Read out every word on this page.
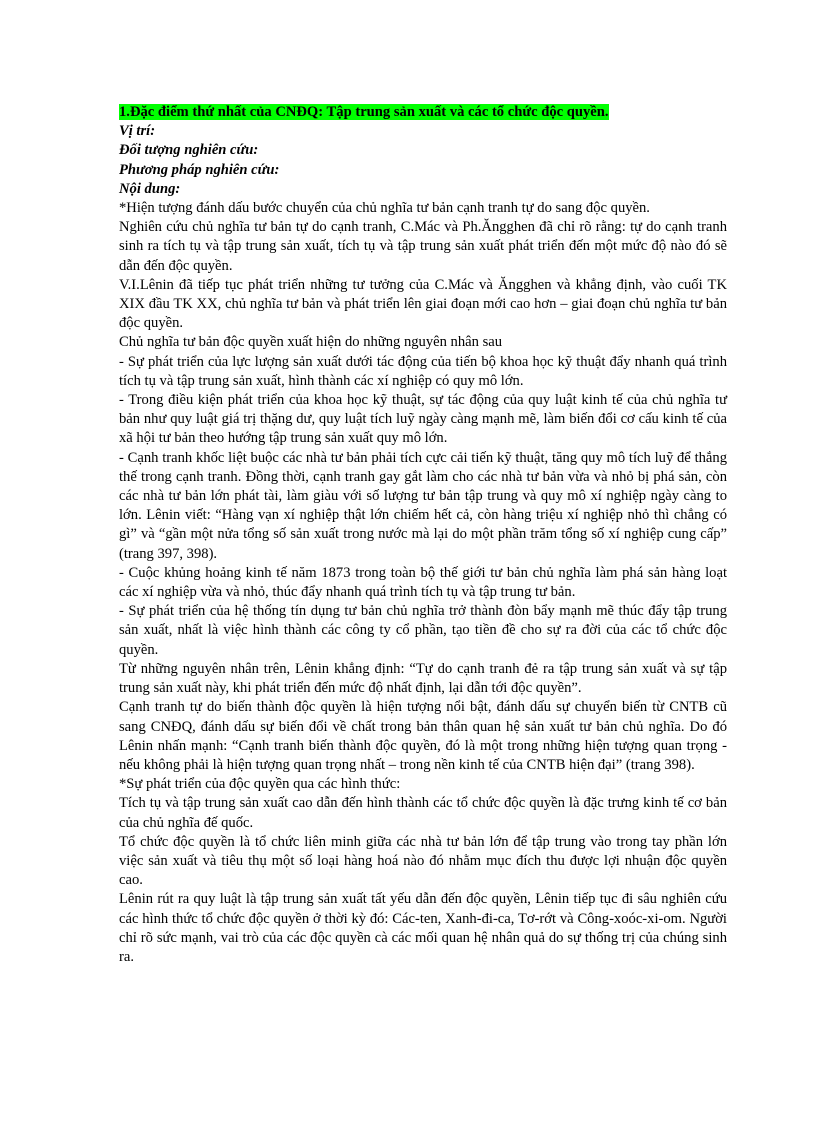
1.Đặc điểm thứ nhất của CNĐQ: Tập trung sản xuất và các tổ chức độc quyền.

Vị trí:

Đối tượng nghiên cứu:

Phương pháp nghiên cứu:

Nội dung:

*Hiện tượng đánh dấu bước chuyển của chủ nghĩa tư bản cạnh tranh tự do sang độc quyền.

Nghiên cứu chủ nghĩa tư bản tự do cạnh tranh, C.Mác và Ph.Ăngghen đã chỉ rõ rằng: tự do cạnh tranh sinh ra tích tụ và tập trung sản xuất, tích tụ và tập trung sản xuất phát triển đến một mức độ nào đó sẽ dẫn đến độc quyền.

V.I.Lênin đã tiếp tục phát triển những tư tưởng của C.Mác và Ăngghen và khẳng định, vào cuối TK XIX đầu TK XX, chủ nghĩa tư bản và phát triển lên giai đoạn mới cao hơn – giai đoạn chủ nghĩa tư bản độc quyền.

Chủ nghĩa tư bản độc quyền xuất hiện do những nguyên nhân sau

- Sự phát triển của lực lượng sản xuất dưới tác động của tiến bộ khoa học kỹ thuật đẩy nhanh quá trình tích tụ và tập trung sản xuất, hình thành các xí nghiệp có quy mô lớn.

- Trong điều kiện phát triển của khoa học kỹ thuật, sự tác động của quy luật kinh tế của chủ nghĩa tư bản như quy luật giá trị thặng dư, quy luật tích luỹ ngày càng mạnh mẽ, làm biến đổi cơ cấu kinh tế của xã hội tư bản theo hướng tập trung sản xuất quy mô lớn.

- Cạnh tranh khốc liệt buộc các nhà tư bản phải tích cực cải tiến kỹ thuật, tăng quy mô tích luỹ để thắng thế trong cạnh tranh. Đồng thời, cạnh tranh gay gắt làm cho các nhà tư bản vừa và nhỏ bị phá sản, còn các nhà tư bản lớn phát tài, làm giàu với số lượng tư bản tập trung và quy mô xí nghiệp ngày càng to lớn. Lênin viết: “Hàng vạn xí nghiệp thật lớn chiếm hết cả, còn hàng triệu xí nghiệp nhỏ thì chẳng có gì” và “gần một nửa tổng số sản xuất trong nước mà lại do một phần trăm tổng số xí nghiệp cung cấp” (trang 397, 398).

- Cuộc khủng hoảng kinh tế năm 1873 trong toàn bộ thế giới tư bản chủ nghĩa làm phá sản hàng loạt các xí nghiệp vừa và nhỏ, thúc đẩy nhanh quá trình tích tụ và tập trung tư bản.

- Sự phát triển của hệ thống tín dụng tư bản chủ nghĩa trở thành đòn bẩy mạnh mẽ thúc đẩy tập trung sản xuất, nhất là việc hình thành các công ty cổ phần, tạo tiền đề cho sự ra đời của các tổ chức độc quyền.

Từ những nguyên nhân trên, Lênin khẳng định: “Tự do cạnh tranh đẻ ra tập trung sản xuất và sự tập trung sản xuất này, khi phát triển đến mức độ nhất định, lại dẫn tới độc quyền”.

Cạnh tranh tự do biến thành độc quyền là hiện tượng nổi bật, đánh dấu sự chuyển biến từ CNTB cũ sang CNĐQ, đánh dấu sự biến đổi về chất trong bản thân quan hệ sản xuất tư bản chủ nghĩa. Do đó Lênin nhấn mạnh: “Cạnh tranh biến thành độc quyền, đó là một trong những hiện tượng quan trọng - nếu không phải là hiện tượng quan trọng nhất – trong nền kinh tế của CNTB hiện đại” (trang 398).

*Sự phát triển của độc quyền qua các hình thức:

Tích tụ và tập trung sản xuất cao dẫn đến hình thành các tổ chức độc quyền là đặc trưng kinh tế cơ bản của chủ nghĩa đế quốc.

Tổ chức độc quyền là tổ chức liên minh giữa các nhà tư bản lớn để tập trung vào trong tay phần lớn việc sản xuất và tiêu thụ một số loại hàng hoá nào đó nhằm mục đích thu được lợi nhuận độc quyền cao.

Lênin rút ra quy luật là tập trung sản xuất tất yếu dẫn đến độc quyền, Lênin tiếp tục đi sâu nghiên cứu các hình thức tổ chức độc quyền ở thời kỳ đó: Các-ten, Xanh-đi-ca, Tơ-rớt và Công-xoóc-xi-om. Người chỉ rõ sức mạnh, vai trò của các độc quyền cà các mối quan hệ nhân quả do sự thống trị của chúng sinh ra.
